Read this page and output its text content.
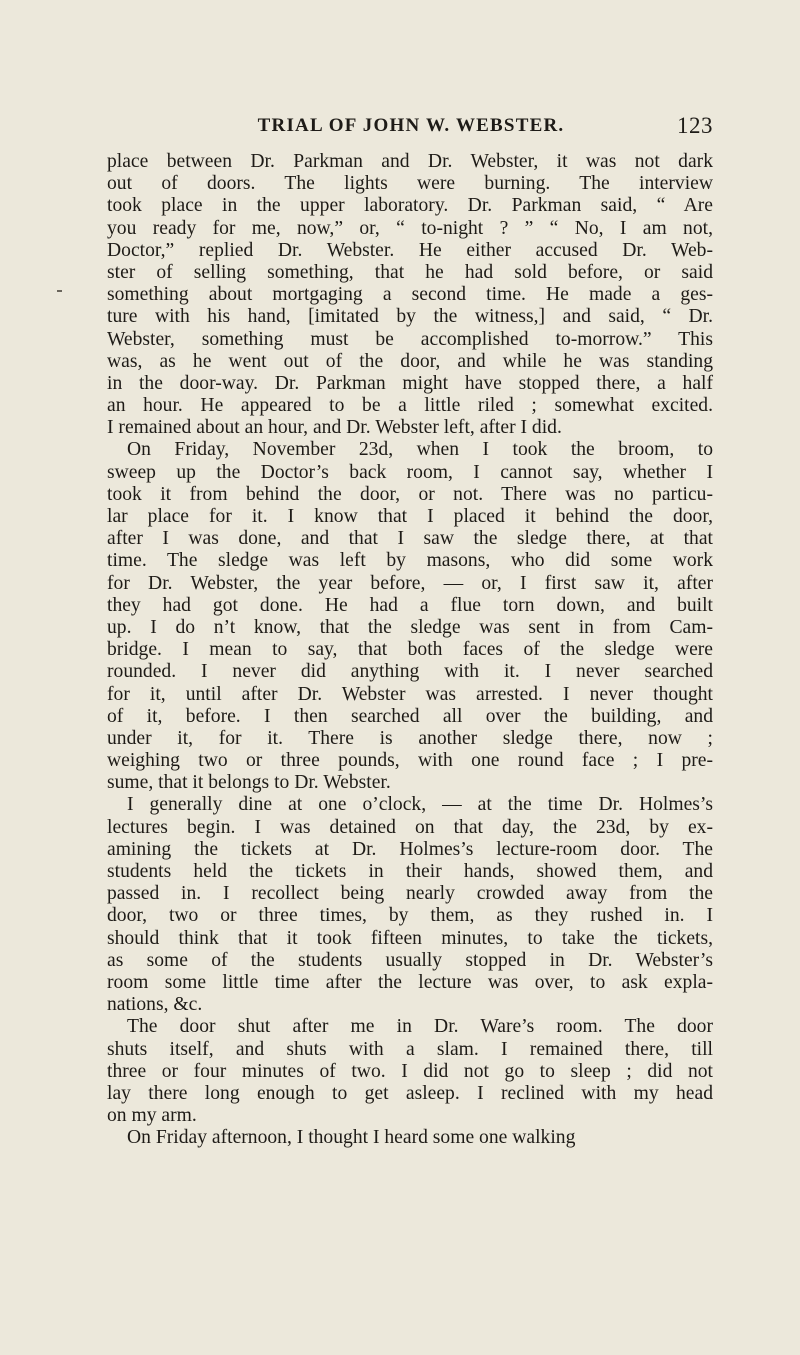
TRIAL OF JOHN W. WEBSTER.	123
place between Dr. Parkman and Dr. Webster, it was not dark
out of doors. The lights were burning. The interview
took place in the upper laboratory. Dr. Parkman said, “ Are
you ready for me, now,” or, “ to-night ? ” “ No, I am not,
Doctor,” replied Dr. Webster. He either accused Dr. Web-
ster of selling something, that he had sold before, or said
something about mortgaging a second time. He made a ges-
ture with his hand, [imitated by the witness,] and said, “ Dr.
Webster, something must be accomplished to-morrow.” This
was, as he went out of the door, and while he was standing
in the door-way. Dr. Parkman might have stopped there, a half
an hour. He appeared to be a little riled ; somewhat excited.
I remained about an hour, and Dr. Webster left, after I did.
On Friday, November 23d, when I took the broom, to
sweep up the Doctor’s back room, I cannot say, whether I
took it from behind the door, or not. There was no particu-
lar place for it. I know that I placed it behind the door,
after I was done, and that I saw the sledge there, at that
time. The sledge was left by masons, who did some work
for Dr. Webster, the year before, — or, I first saw it, after
they had got done. He had a flue torn down, and built
up. I do n’t know, that the sledge was sent in from Cam-
bridge. I mean to say, that both faces of the sledge were
rounded. I never did anything with it. I never searched
for it, until after Dr. Webster was arrested. I never thought
of it, before. I then searched all over the building, and
under it, for it. There is another sledge there, now ;
weighing two or three pounds, with one round face ; I pre-
sume, that it belongs to Dr. Webster.
I generally dine at one o’clock, — at the time Dr. Holmes’s
lectures begin. I was detained on that day, the 23d, by ex-
amining the tickets at Dr. Holmes’s lecture-room door. The
students held the tickets in their hands, showed them, and
passed in. I recollect being nearly crowded away from the
door, two or three times, by them, as they rushed in. I
should think that it took fifteen minutes, to take the tickets,
as some of the students usually stopped in Dr. Webster’s
room some little time after the lecture was over, to ask expla-
nations, &c.
The door shut after me in Dr. Ware’s room. The door
shuts itself, and shuts with a slam. I remained there, till
three or four minutes of two. I did not go to sleep ; did not
lay there long enough to get asleep. I reclined with my head
on my arm.
On Friday afternoon, I thought I heard some one walking
